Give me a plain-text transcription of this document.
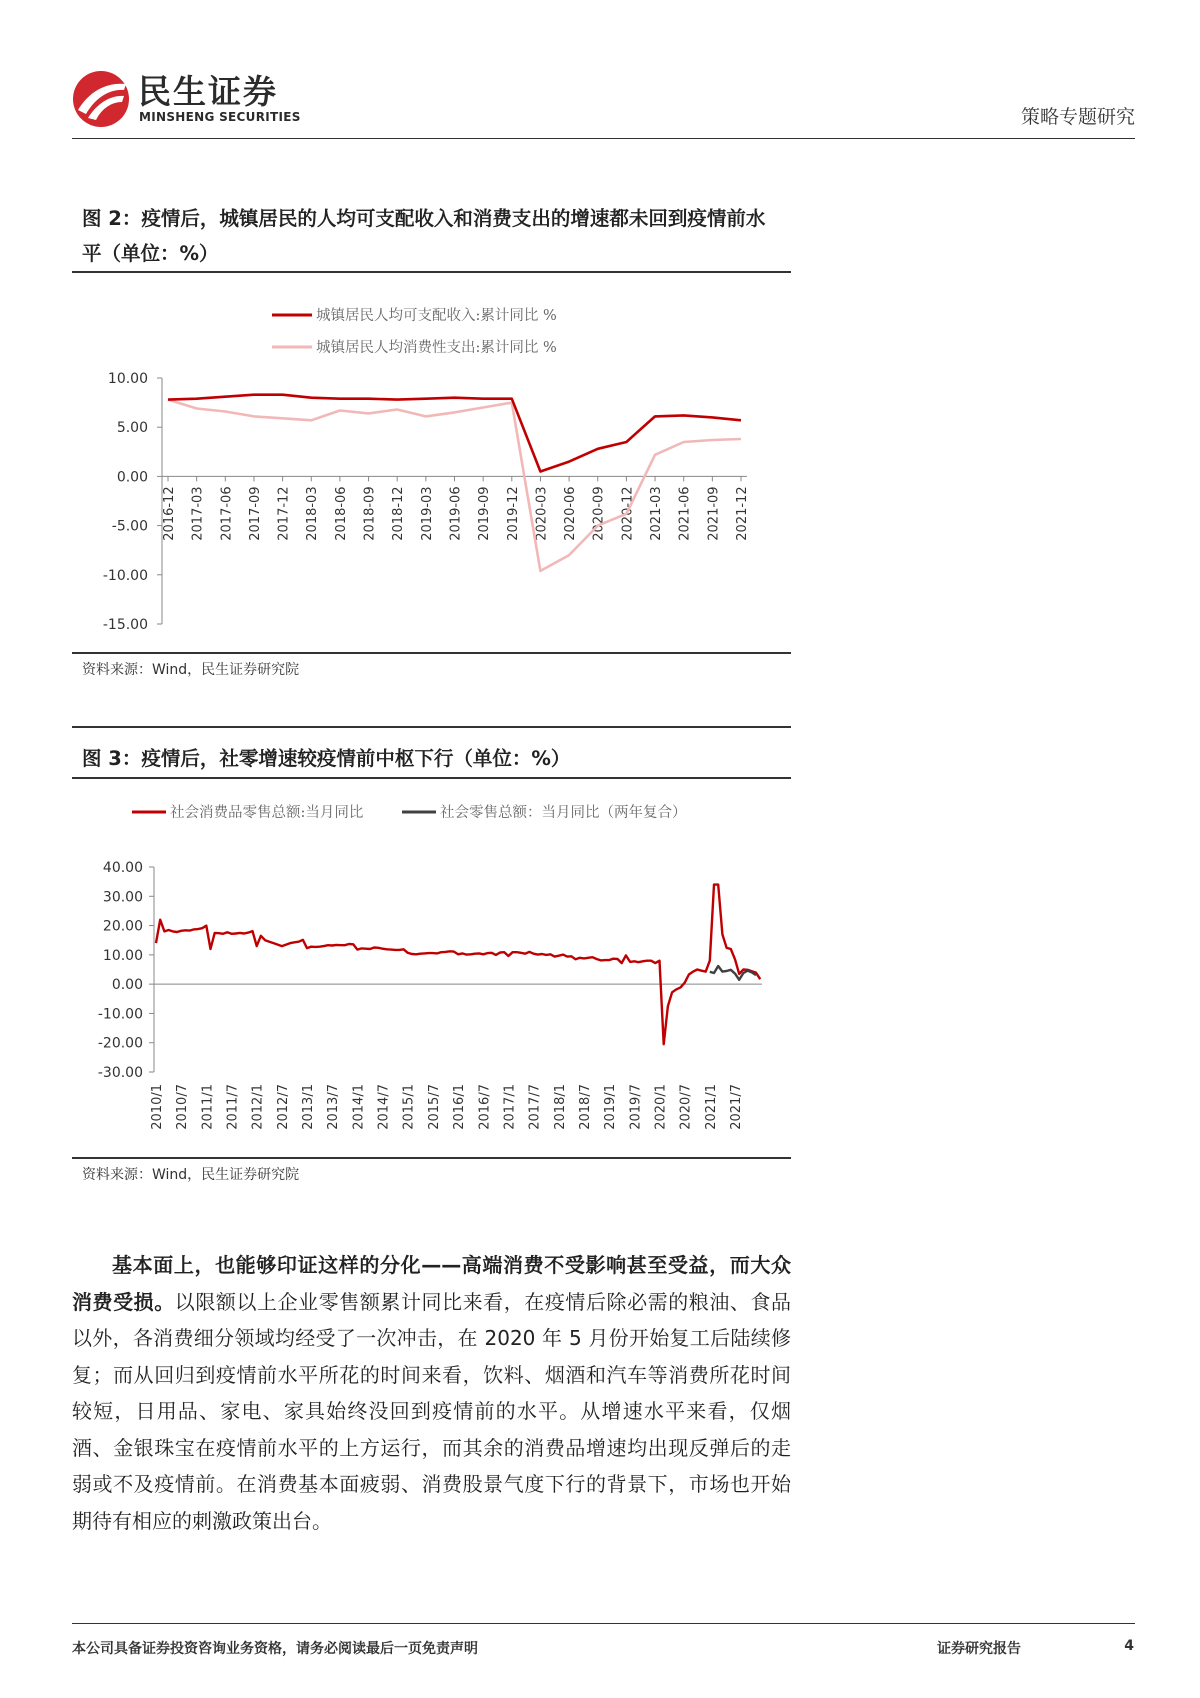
民生证券
MINSHENG SECURITIES	策略专题研究
图 2：疫情后，城镇居民的人均可支配收入和消费支出的增速都未回到疫情前水
平（单位：%）
城镇居民人均可支配收入:累计同比 %
城镇居民人均消费性支出:累计同比 %
10.00
5.00
0.00
-5.00
-10.00
-15.00
2016-12 2017-03 2017-06 2017-09 2017-12 2018-03 2018-06 2018-09 2018-12 2019-03 2019-06 2019-09 2019-12 2020-03 2020-06 2020-09 2020-12 2021-03 2021-06 2021-09 2021-12
资料来源：Wind，民生证券研究院
图 3：疫情后，社零增速较疫情前中枢下行（单位：%）
社会消费品零售总额:当月同比	社会零售总额：当月同比（两年复合）
40.00
30.00
20.00
10.00
0.00
-10.00
-20.00
-30.00
2010/1 2010/7 2011/1 2011/7 2012/1 2012/7 2013/1 2013/7 2014/1 2014/7 2015/1 2015/7 2016/1 2016/7 2017/1 2017/7 2018/1 2018/7 2019/1 2019/7 2020/1 2020/7 2021/1 2021/7
资料来源：Wind，民生证券研究院

基本面上，也能够印证这样的分化——高端消费不受影响甚至受益，而大众消费受损。以限额以上企业零售额累计同比来看，在疫情后除必需的粮油、食品以外，各消费细分领域均经受了一次冲击，在 2020 年 5 月份开始复工后陆续修复；而从回归到疫情前水平所花的时间来看，饮料、烟酒和汽车等消费所花时间较短，日用品、家电、家具始终没回到疫情前的水平。从增速水平来看，仅烟酒、金银珠宝在疫情前水平的上方运行，而其余的消费品增速均出现反弹后的走弱或不及疫情前。在消费基本面疲弱、消费股景气度下行的背景下，市场也开始期待有相应的刺激政策出台。

本公司具备证券投资咨询业务资格，请务必阅读最后一页免责声明	证券研究报告	4
